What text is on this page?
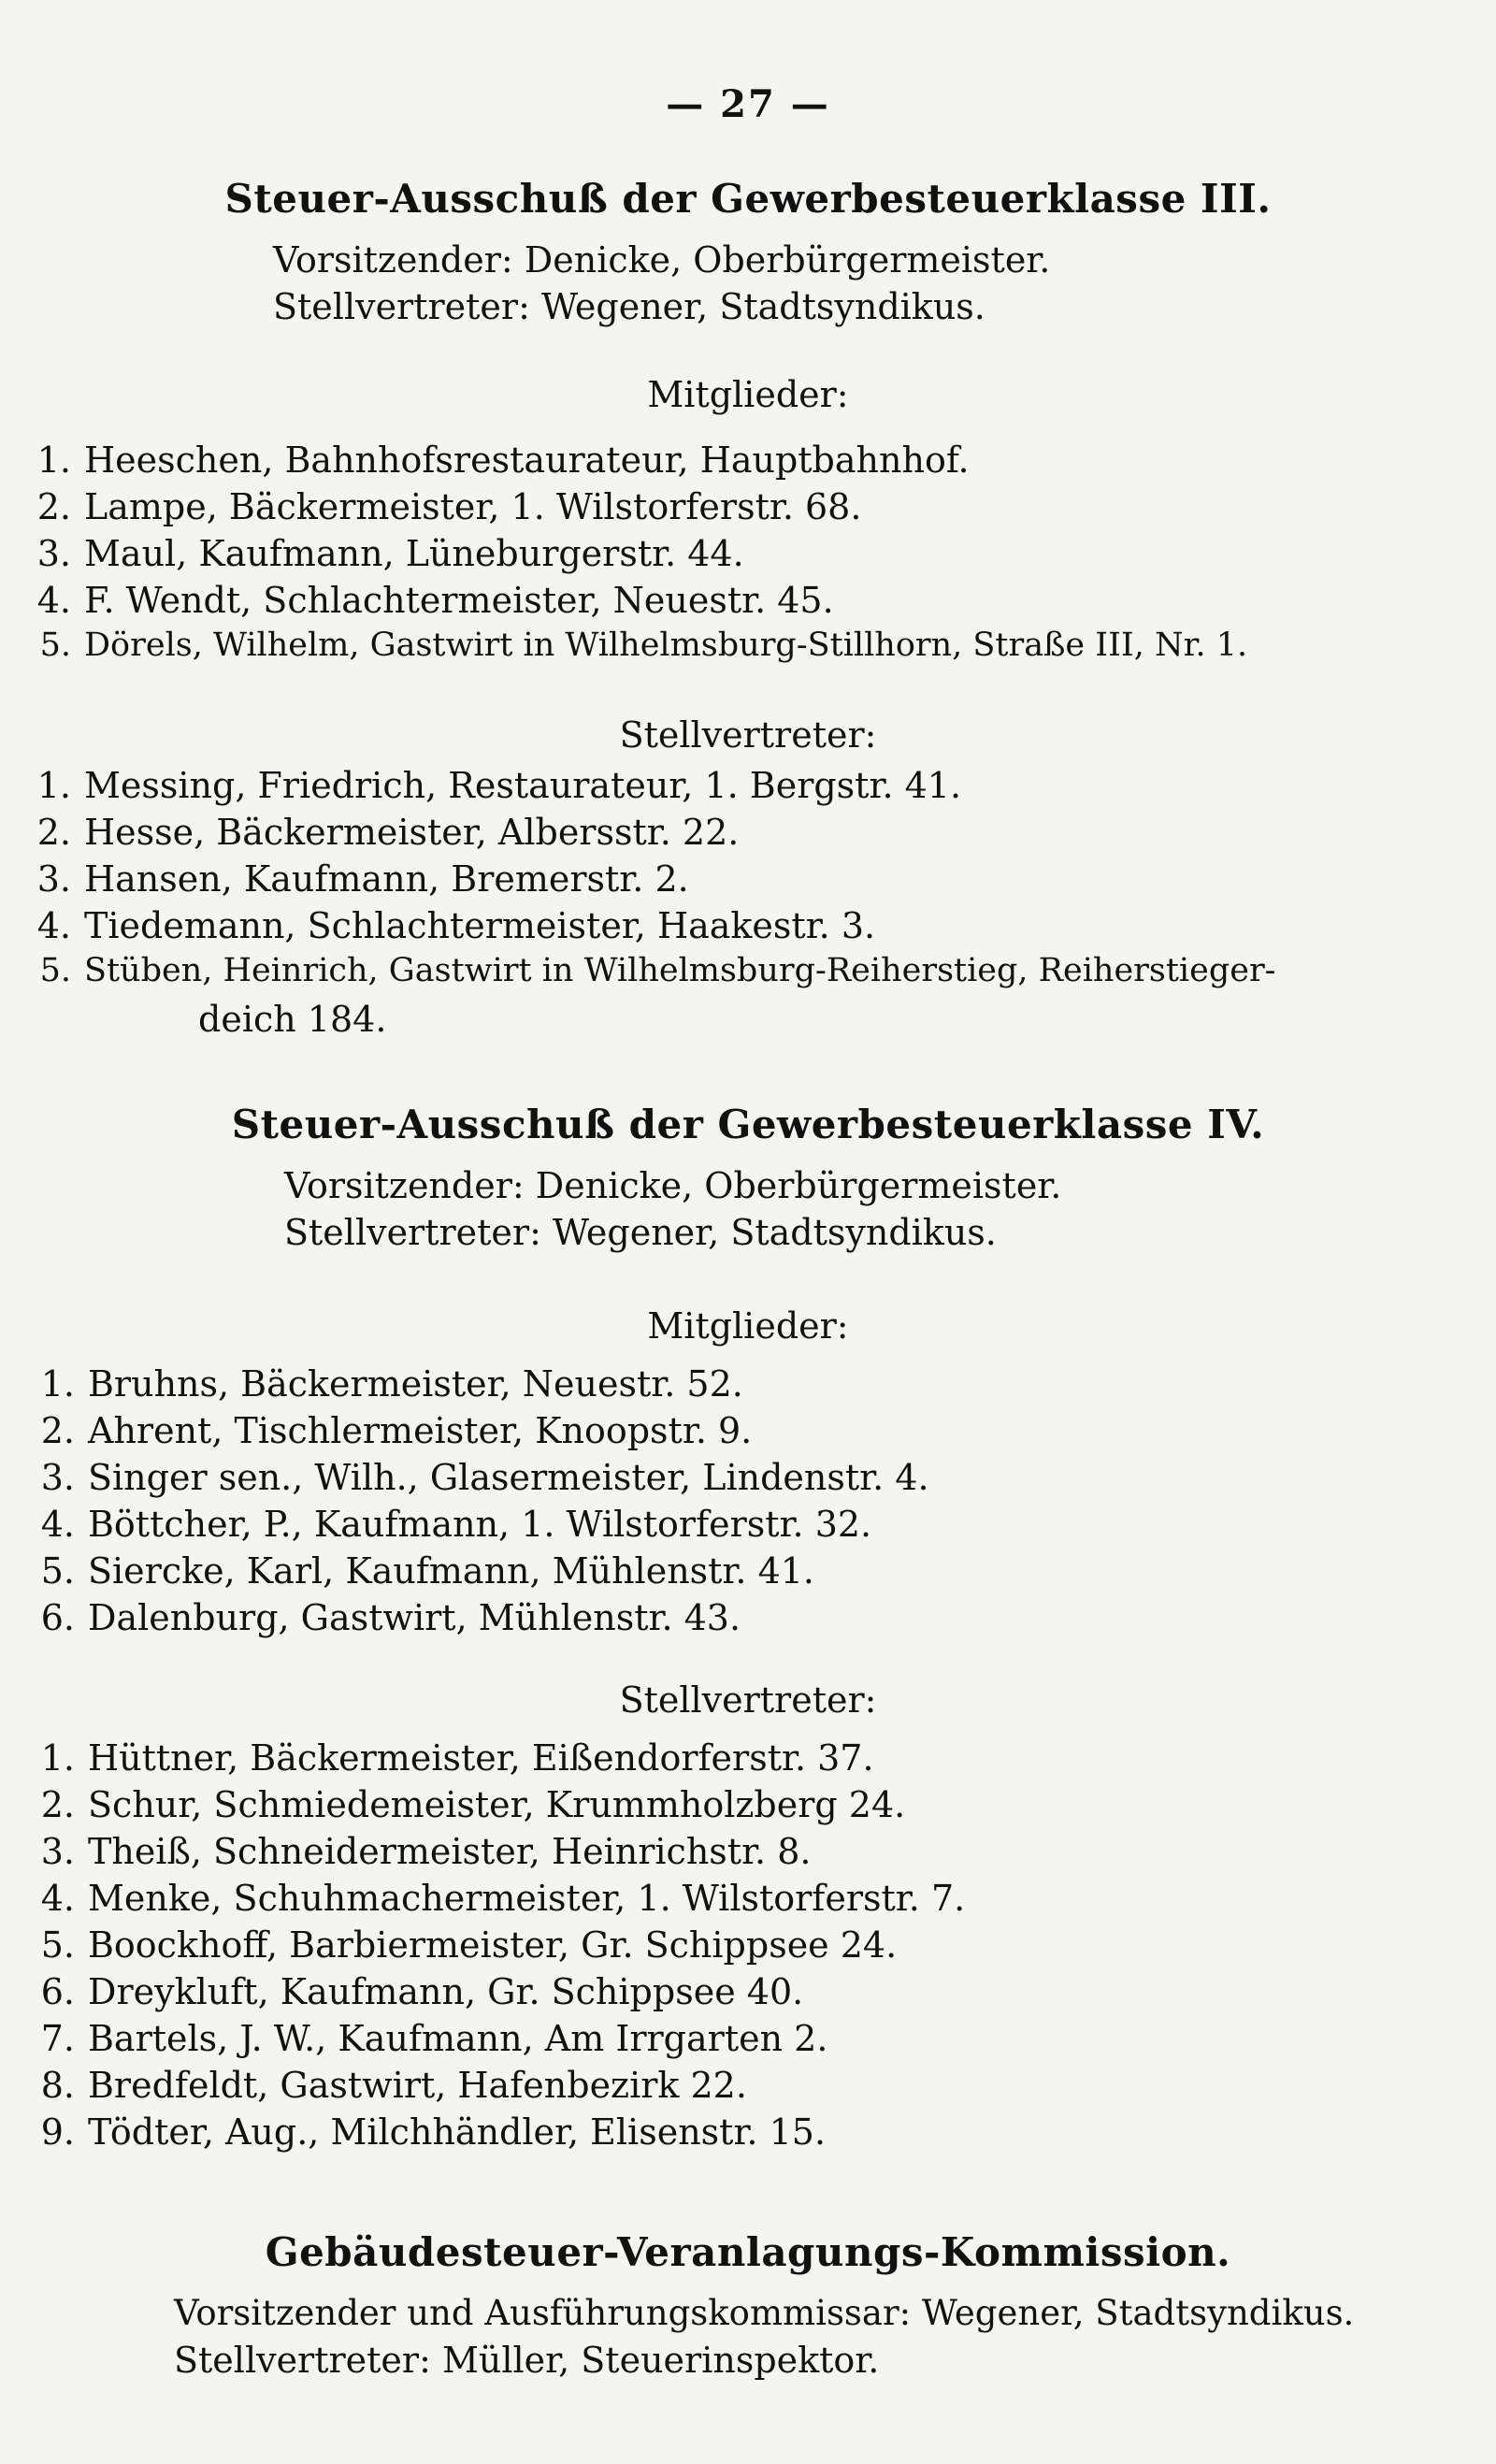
— 27 —
Steuer-Ausschuß der Gewerbesteuerklasse III.
Vorsitzender: Denicke, Oberbürgermeister.
Stellvertreter: Wegener, Stadtsyndikus.
Mitglieder:
1. Heeschen, Bahnhofsrestaurateur, Hauptbahnhof.
2. Lampe, Bäckermeister, 1. Wilstorferstr. 68.
3. Maul, Kaufmann, Lüneburgerstr. 44.
4. F. Wendt, Schlachtermeister, Neuestr. 45.
5. Dörels, Wilhelm, Gastwirt in Wilhelmsburg-Stillhorn, Straße III, Nr. 1.
Stellvertreter:
1. Messing, Friedrich, Restaurateur, 1. Bergstr. 41.
2. Hesse, Bäckermeister, Albersstr. 22.
3. Hansen, Kaufmann, Bremerstr. 2.
4. Tiedemann, Schlachtermeister, Haakestr. 3.
5. Stüben, Heinrich, Gastwirt in Wilhelmsburg-Reiherstieg, Reiherstieger-
deich 184.
Steuer-Ausschuß der Gewerbesteuerklasse IV.
Vorsitzender: Denicke, Oberbürgermeister.
Stellvertreter: Wegener, Stadtsyndikus.
Mitglieder:
1. Bruhns, Bäckermeister, Neuestr. 52.
2. Ahrent, Tischlermeister, Knoopstr. 9.
3. Singer sen., Wilh., Glasermeister, Lindenstr. 4.
4. Böttcher, P., Kaufmann, 1. Wilstorferstr. 32.
5. Siercke, Karl, Kaufmann, Mühlenstr. 41.
6. Dalenburg, Gastwirt, Mühlenstr. 43.
Stellvertreter:
1. Hüttner, Bäckermeister, Eißendorferstr. 37.
2. Schur, Schmiedemeister, Krummholzberg 24.
3. Theiß, Schneidermeister, Heinrichstr. 8.
4. Menke, Schuhmachermeister, 1. Wilstorferstr. 7.
5. Boockhoff, Barbiermeister, Gr. Schippsee 24.
6. Dreykluft, Kaufmann, Gr. Schippsee 40.
7. Bartels, J. W., Kaufmann, Am Irrgarten 2.
8. Bredfeldt, Gastwirt, Hafenbezirk 22.
9. Tödter, Aug., Milchhändler, Elisenstr. 15.
Gebäudesteuer-Veranlagungs-Kommission.
Vorsitzender und Ausführungskommissar: Wegener, Stadtsyndikus.
Stellvertreter: Müller, Steuerinspektor.
